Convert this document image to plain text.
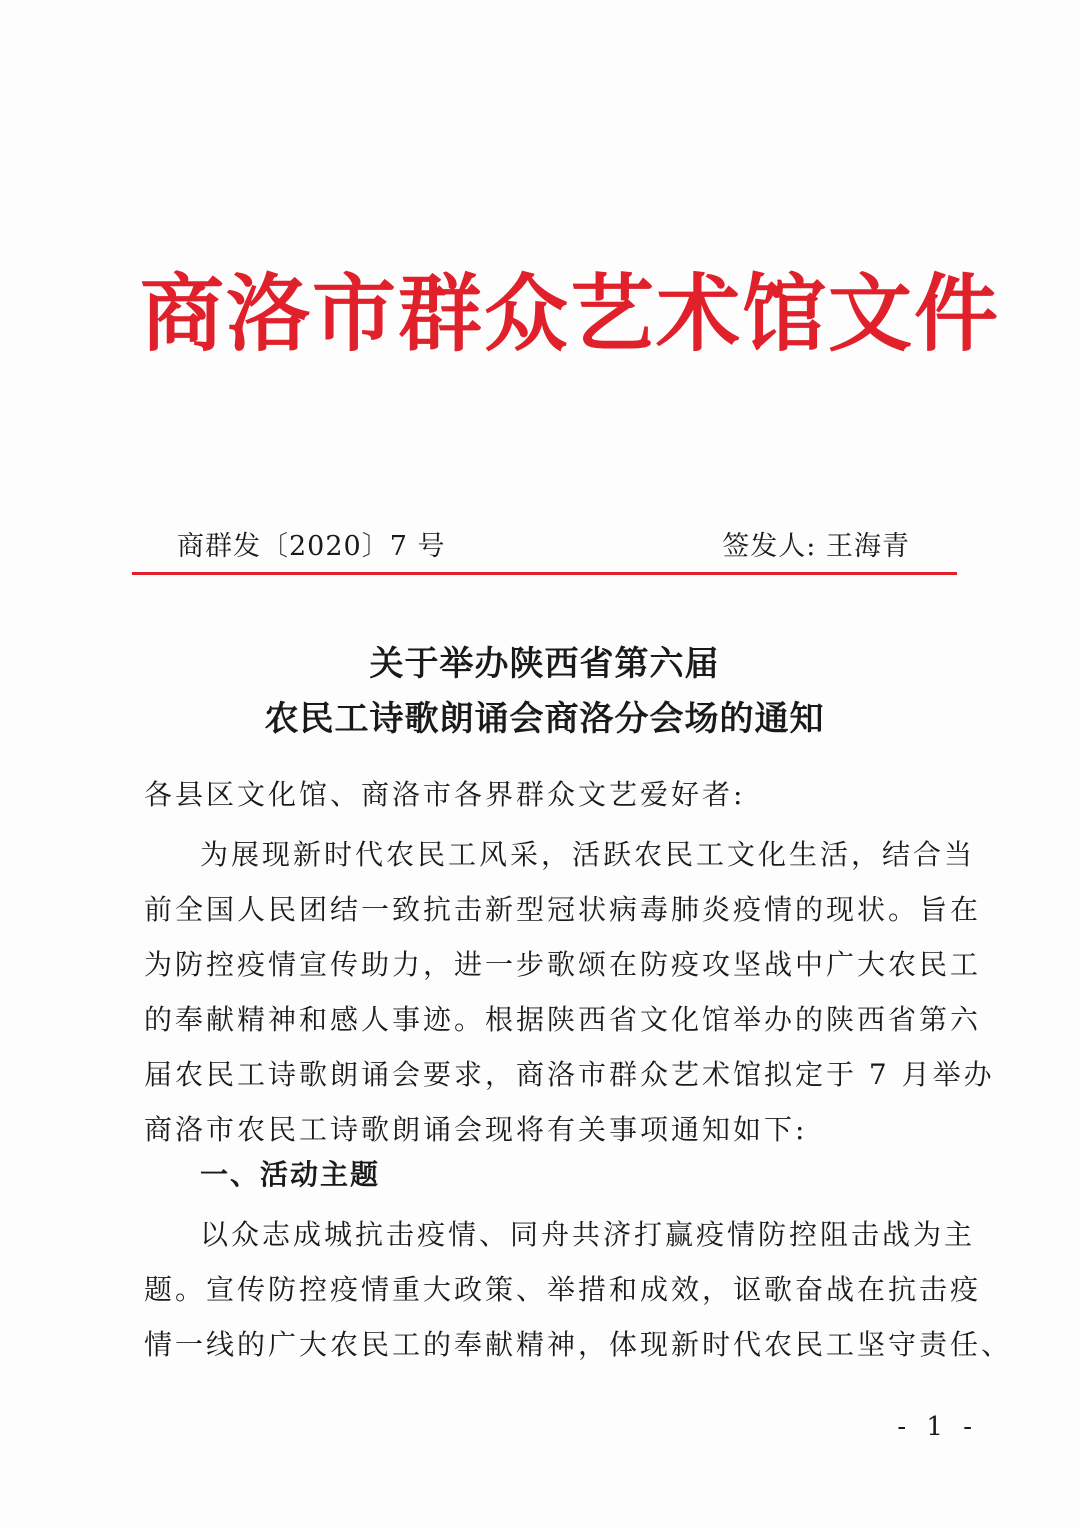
商洛市群众艺术馆文件
商群发〔2020〕7 号	签发人: 王海青
关于举办陕西省第六届
农民工诗歌朗诵会商洛分会场的通知
各县区文化馆、商洛市各界群众文艺爱好者:
为展现新时代农民工风采，活跃农民工文化生活，结合当
前全国人民团结一致抗击新型冠状病毒肺炎疫情的现状。旨在
为防控疫情宣传助力，进一步歌颂在防疫攻坚战中广大农民工
的奉献精神和感人事迹。根据陕西省文化馆举办的陕西省第六
届农民工诗歌朗诵会要求，商洛市群众艺术馆拟定于 7 月举办
商洛市农民工诗歌朗诵会现将有关事项通知如下:
一、活动主题
以众志成城抗击疫情、同舟共济打赢疫情防控阻击战为主
题。宣传防控疫情重大政策、举措和成效，讴歌奋战在抗击疫
情一线的广大农民工的奉献精神，体现新时代农民工坚守责任、
- 1 -
